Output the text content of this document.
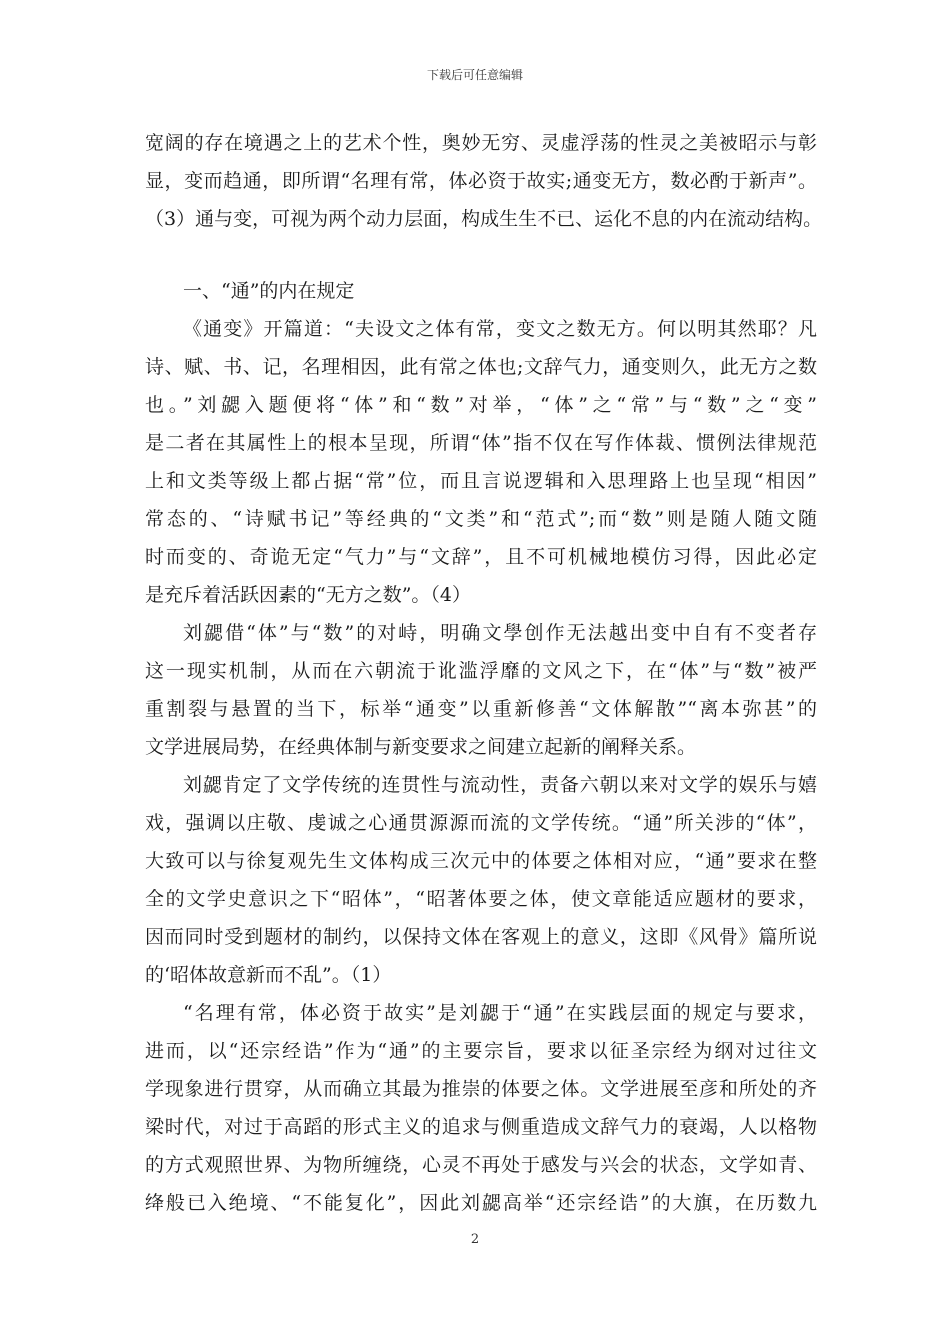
下载后可任意编辑
宽阔的存在境遇之上的艺术个性，奥妙无穷、灵虚浮荡的性灵之美被昭示与彰
显，变而趋通，即所谓“名理有常，体必资于故实;通变无方，数必酌于新声”。
（3）通与变，可视为两个动力层面，构成生生不已、运化不息的内在流动结构。
一、“通”的内在规定
《通变》开篇道：“夫设文之体有常，变文之数无方。何以明其然耶？凡
诗、赋、书、记，名理相因，此有常之体也;文辞气力，通变则久，此无方之数
也。”刘勰入题便将“体”和“数”对举，“体”之“常”与“数”之“变”
是二者在其属性上的根本呈现，所谓“体”指不仅在写作体裁、惯例法律规范
上和文类等级上都占据“常”位，而且言说逻辑和入思理路上也呈现“相因”
常态的、“诗赋书记”等经典的“文类”和“范式”;而“数”则是随人随文随
时而变的、奇诡无定“气力”与“文辞”，且不可机械地模仿习得，因此必定
是充斥着活跃因素的“无方之数”。（4）
刘勰借“体”与“数”的对峙，明确文學创作无法越出变中自有不变者存
这一现实机制，从而在六朝流于讹滥浮靡的文风之下，在“体”与“数”被严
重割裂与悬置的当下，标举“通变”以重新修善“文体解散”“离本弥甚”的
文学进展局势，在经典体制与新变要求之间建立起新的阐释关系。
刘勰肯定了文学传统的连贯性与流动性，责备六朝以来对文学的娱乐与嬉
戏，强调以庄敬、虔诚之心通贯源源而流的文学传统。“通”所关涉的“体”，
大致可以与徐复观先生文体构成三次元中的体要之体相对应，“通”要求在整
全的文学史意识之下“昭体”，“昭著体要之体，使文章能适应题材的要求，
因而同时受到题材的制约，以保持文体在客观上的意义，这即《风骨》篇所说
的‘昭体故意新而不乱”。（1）
“名理有常，体必资于故实”是刘勰于“通”在实践层面的规定与要求，
进而，以“还宗经诰”作为“通”的主要宗旨，要求以征圣宗经为纲对过往文
学现象进行贯穿，从而确立其最为推崇的体要之体。文学进展至彦和所处的齐
梁时代，对过于高蹈的形式主义的追求与侧重造成文辞气力的衰竭，人以格物
的方式观照世界、为物所缠绕，心灵不再处于感发与兴会的状态，文学如青、
绛般已入绝境、“不能复化”，因此刘勰高举“还宗经诰”的大旗，在历数九
2
